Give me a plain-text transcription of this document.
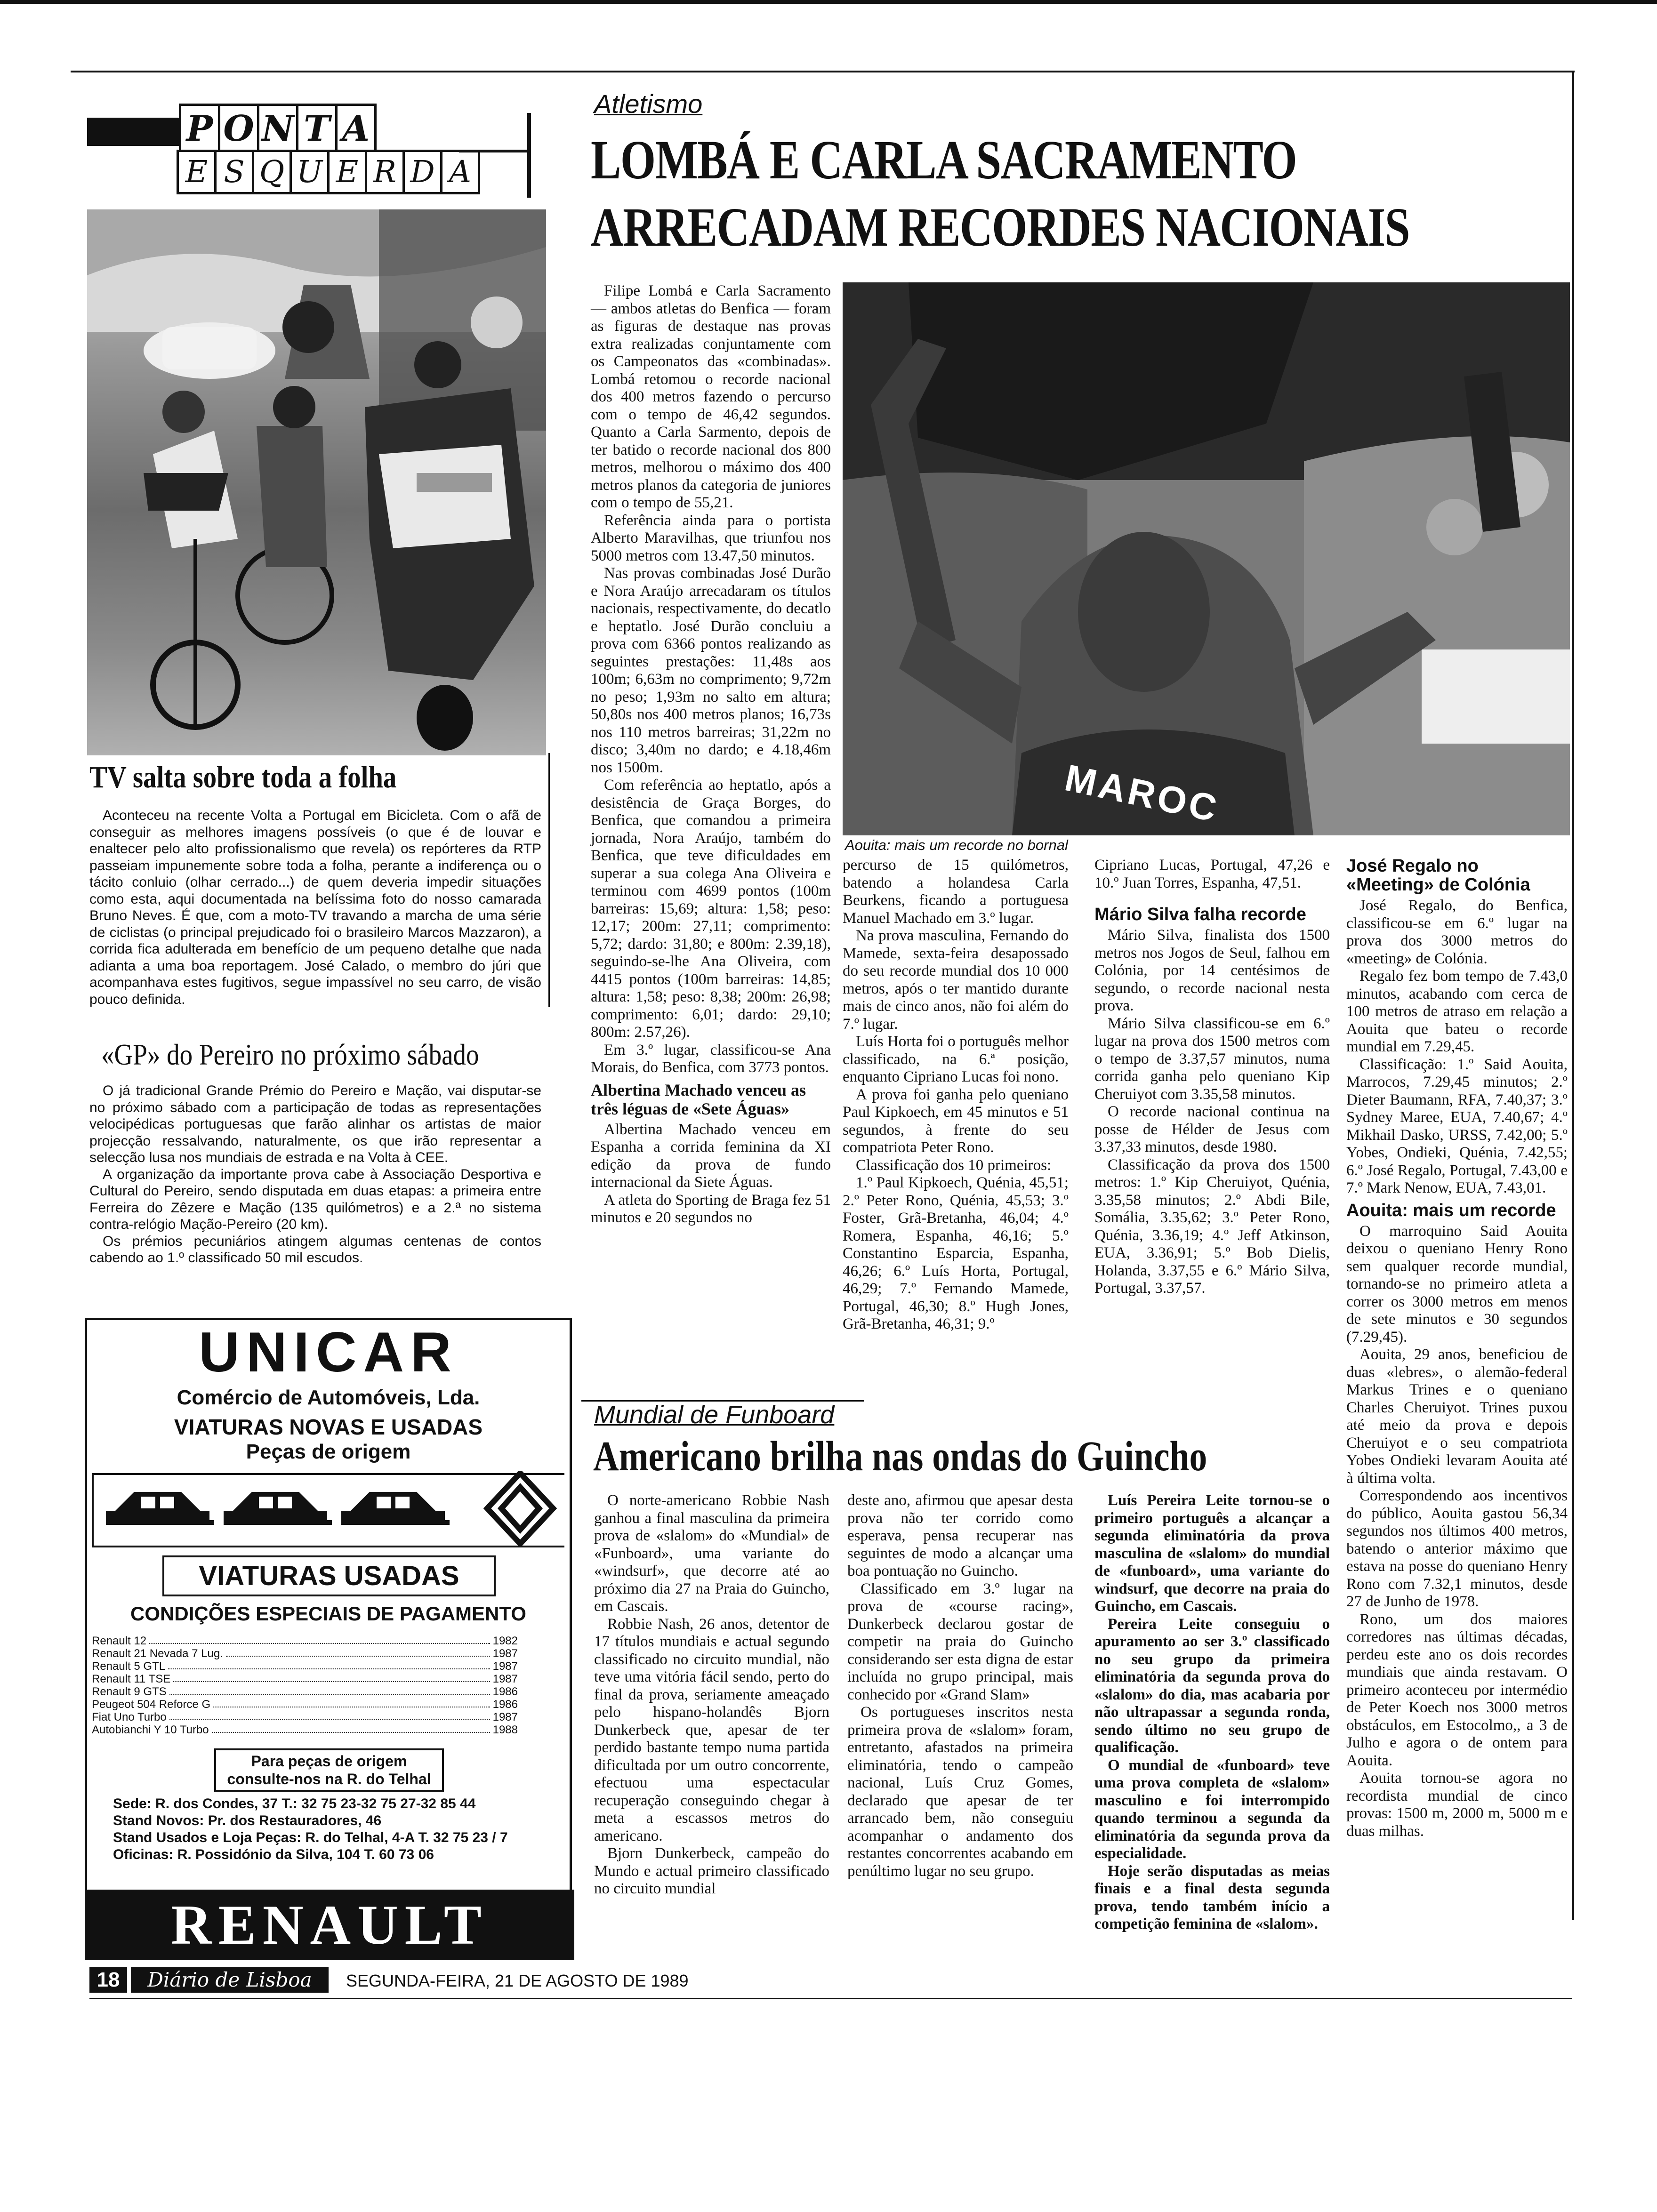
P O N T A
E S Q U E R D A
TV salta sobre toda a folha

Aconteceu na recente Volta a Portugal em Bicicleta. Com o afã de conseguir as melhores imagens possíveis (o que é de louvar e enaltecer pelo alto profissionalismo que revela) os repórteres da RTP passeiam impunemente sobre toda a folha, perante a indiferença ou o tácito conluio (olhar cerrado...) de quem deveria impedir situações como esta, aqui documentada na belíssima foto do nosso camarada Bruno Neves. É que, com a moto-TV travando a marcha de uma série de ciclistas (o principal prejudicado foi o brasileiro Marcos Mazzaron), a corrida fica adulterada em benefício de um pequeno detalhe que nada adianta a uma boa reportagem. José Calado, o membro do júri que acompanhava estes fugitivos, segue impassível no seu carro, de visão pouco definida.

«GP» do Pereiro no próximo sábado

O já tradicional Grande Prémio do Pereiro e Mação, vai disputar-se no próximo sábado com a participação de todas as representações velocipédicas portuguesas que farão alinhar os artistas de maior projecção ressalvando, naturalmente, os que irão representar a selecção lusa nos mundiais de estrada e na Volta à CEE.

A organização da importante prova cabe à Associação Desportiva e Cultural do Pereiro, sendo disputada em duas etapas: a primeira entre Ferreira do Zêzere e Mação (135 quilómetros) e a 2.ª no sistema contra-relógio Mação-Pereiro (20 km).

Os prémios pecuniários atingem algumas centenas de contos cabendo ao 1.º classificado 50 mil escudos.

UNICAR
Comércio de Automóveis, Lda.
VIATURAS NOVAS E USADAS
Peças de origem
VIATURAS USADAS
CONDIÇÕES ESPECIAIS DE PAGAMENTO
Renault 12	1982
Renault 21 Nevada 7 Lug.	1987
Renault 5 GTL	1987
Renault 11 TSE	1987
Renault 9 GTS	1986
Peugeot 504 Reforce G	1986
Fiat Uno Turbo	1987
Autobianchi Y 10 Turbo	1988
Para peças de origem
consulte-nos na R. do Telhal
Sede: R. dos Condes, 37 T.: 32 75 23-32 75 27-32 85 44
Stand Novos: Pr. dos Restauradores, 46
Stand Usados e Loja Peças: R. do Telhal, 4-A T. 32 75 23 / 7
Oficinas: R. Possidónio da Silva, 104 T. 60 73 06
RENAULT
Atletismo
LOMBÁ E CARLA SACRAMENTO
ARRECADAM RECORDES NACIONAIS

Filipe Lombá e Carla Sacramento — ambos atletas do Benfica — foram as figuras de destaque nas provas extra realizadas conjuntamente com os Campeonatos das «combinadas». Lombá retomou o recorde nacional dos 400 metros fazendo o percurso com o tempo de 46,42 segundos. Quanto a Carla Sarmento, depois de ter batido o recorde nacional dos 800 metros, melhorou o máximo dos 400 metros planos da categoria de juniores com o tempo de 55,21.

Referência ainda para o portista Alberto Maravilhas, que triunfou nos 5000 metros com 13.47,50 minutos.

Nas provas combinadas José Durão e Nora Araújo arrecadaram os títulos nacionais, respectivamente, do decatlo e heptatlo. José Durão concluiu a prova com 6366 pontos realizando as seguintes prestações: 11,48s aos 100m; 6,63m no comprimento; 9,72m no peso; 1,93m no salto em altura; 50,80s nos 400 metros planos; 16,73s nos 110 metros barreiras; 31,22m no disco; 3,40m no dardo; e 4.18,46m nos 1500m.

Com referência ao heptatlo, após a desistência de Graça Borges, do Benfica, que comandou a primeira jornada, Nora Araújo, também do Benfica, que teve dificuldades em superar a sua colega Ana Oliveira e terminou com 4699 pontos (100m barreiras: 15,69; altura: 1,58; peso: 12,17; 200m: 27,11; comprimento: 5,72; dardo: 31,80; e 800m: 2.39,18), seguindo-se-lhe Ana Oliveira, com 4415 pontos (100m barreiras: 14,85; altura: 1,58; peso: 8,38; 200m: 26,98; comprimento: 6,01; dardo: 29,10; 800m: 2.57,26).

Em 3.º lugar, classificou-se Ana Morais, do Benfica, com 3773 pontos.

Albertina Machado venceu as três léguas de «Sete Águas»

Albertina Machado venceu em Espanha a corrida feminina da XI edição da prova de fundo internacional da Siete Águas.

A atleta do Sporting de Braga fez 51 minutos e 20 segundos no

MAROC
Aouita: mais um recorde no bornal

percurso de 15 quilómetros, batendo a holandesa Carla Beurkens, ficando a portuguesa Manuel Machado em 3.º lugar.

Na prova masculina, Fernando do Mamede, sexta-feira desapossado do seu recorde mundial dos 10 000 metros, após o ter mantido durante mais de cinco anos, não foi além do 7.º lugar.

Luís Horta foi o português melhor classificado, na 6.ª posição, enquanto Cipriano Lucas foi nono.

A prova foi ganha pelo queniano Paul Kipkoech, em 45 minutos e 51 segundos, à frente do seu compatriota Peter Rono.

Classificação dos 10 primeiros:

1.º Paul Kipkoech, Quénia, 45,51; 2.º Peter Rono, Quénia, 45,53; 3.º Foster, Grã-Bretanha, 46,04; 4.º Romera, Espanha, 46,16; 5.º Constantino Esparcia, Espanha, 46,26; 6.º Luís Horta, Portugal, 46,29; 7.º Fernando Mamede, Portugal, 46,30; 8.º Hugh Jones, Grã-Bretanha, 46,31; 9.º

Cipriano Lucas, Portugal, 47,26 e 10.º Juan Torres, Espanha, 47,51.

Mário Silva falha recorde

Mário Silva, finalista dos 1500 metros nos Jogos de Seul, falhou em Colónia, por 14 centésimos de segundo, o recorde nacional nesta prova.

Mário Silva classificou-se em 6.º lugar na prova dos 1500 metros com o tempo de 3.37,57 minutos, numa corrida ganha pelo queniano Kip Cheruiyot com 3.35,58 minutos.

O recorde nacional continua na posse de Hélder de Jesus com 3.37,33 minutos, desde 1980.

Classificação da prova dos 1500 metros: 1.º Kip Cheruiyot, Quénia, 3.35,58 minutos; 2.º Abdi Bile, Somália, 3.35,62; 3.º Peter Rono, Quénia, 3.36,19; 4.º Jeff Atkinson, EUA, 3.36,91; 5.º Bob Dielis, Holanda, 3.37,55 e 6.º Mário Silva, Portugal, 3.37,57.

José Regalo no «Meeting» de Colónia

José Regalo, do Benfica, classificou-se em 6.º lugar na prova dos 3000 metros do «meeting» de Colónia.

Regalo fez bom tempo de 7.43,0 minutos, acabando com cerca de 100 metros de atraso em relação a Aouita que bateu o recorde mundial em 7.29,45.

Classificação: 1.º Said Aouita, Marrocos, 7.29,45 minutos; 2.º Dieter Baumann, RFA, 7.40,37; 3.º Sydney Maree, EUA, 7.40,67; 4.º Mikhail Dasko, URSS, 7.42,00; 5.º Yobes, Ondieki, Quénia, 7.42,55; 6.º José Regalo, Portugal, 7.43,00 e 7.º Mark Nenow, EUA, 7.43,01.

Aouita: mais um recorde

O marroquino Said Aouita deixou o queniano Henry Rono sem qualquer recorde mundial, tornando-se no primeiro atleta a correr os 3000 metros em menos de sete minutos e 30 segundos (7.29,45).

Aouita, 29 anos, beneficiou de duas «lebres», o alemão-federal Markus Trines e o queniano Charles Cheruiyot. Trines puxou até meio da prova e depois Cheruiyot e o seu compatriota Yobes Ondieki levaram Aouita até à última volta.

Correspondendo aos incentivos do público, Aouita gastou 56,34 segundos nos últimos 400 metros, batendo o anterior máximo que estava na posse do queniano Henry Rono com 7.32,1 minutos, desde 27 de Junho de 1978.

Rono, um dos maiores corredores nas últimas décadas, perdeu este ano os dois recordes mundiais que ainda restavam. O primeiro aconteceu por intermédio de Peter Koech nos 3000 metros obstáculos, em Estocolmo,, a 3 de Julho e agora o de ontem para Aouita.

Aouita tornou-se agora no recordista mundial de cinco provas: 1500 m, 2000 m, 5000 m e duas milhas.

Mundial de Funboard
Americano brilha nas ondas do Guincho

O norte-americano Robbie Nash ganhou a final masculina da primeira prova de «slalom» do «Mundial» de «Funboard», uma variante do «windsurf», que decorre até ao próximo dia 27 na Praia do Guincho, em Cascais.

Robbie Nash, 26 anos, detentor de 17 títulos mundiais e actual segundo classificado no circuito mundial, não teve uma vitória fácil sendo, perto do final da prova, seriamente ameaçado pelo hispano-holandês Bjorn Dunkerbeck que, apesar de ter perdido bastante tempo numa partida dificultada por um outro concorrente, efectuou uma espectacular recuperação conseguindo chegar à meta a escassos metros do americano.

Bjorn Dunkerbeck, campeão do Mundo e actual primeiro classificado no circuito mundial

deste ano, afirmou que apesar desta prova não ter corrido como esperava, pensa recuperar nas seguintes de modo a alcançar uma boa pontuação no Guincho.

Classificado em 3.º lugar na prova de «course racing», Dunkerbeck declarou gostar de competir na praia do Guincho considerando ser esta digna de estar incluída no grupo principal, mais conhecido por «Grand Slam»

Os portugueses inscritos nesta primeira prova de «slalom» foram, entretanto, afastados na primeira eliminatória, tendo o campeão nacional, Luís Cruz Gomes, declarado que apesar de ter arrancado bem, não conseguiu acompanhar o andamento dos restantes concorrentes acabando em penúltimo lugar no seu grupo.

Luís Pereira Leite tornou-se o primeiro português a alcançar a segunda eliminatória da prova masculina de «slalom» do mundial de «funboard», uma variante do windsurf, que decorre na praia do Guincho, em Cascais.

Pereira Leite conseguiu o apuramento ao ser 3.º classificado no seu grupo da primeira eliminatória da segunda prova do «slalom» do dia, mas acabaria por não ultrapassar a segunda ronda, sendo último no seu grupo de qualificação.

O mundial de «funboard» teve uma prova completa de «slalom» masculino e foi interrompido quando terminou a segunda da eliminatória da segunda prova da especialidade.

Hoje serão disputadas as meias finais e a final desta segunda prova, tendo também início a competição feminina de «slalom».

18	Diário de Lisboa	SEGUNDA-FEIRA, 21 DE AGOSTO DE 1989
